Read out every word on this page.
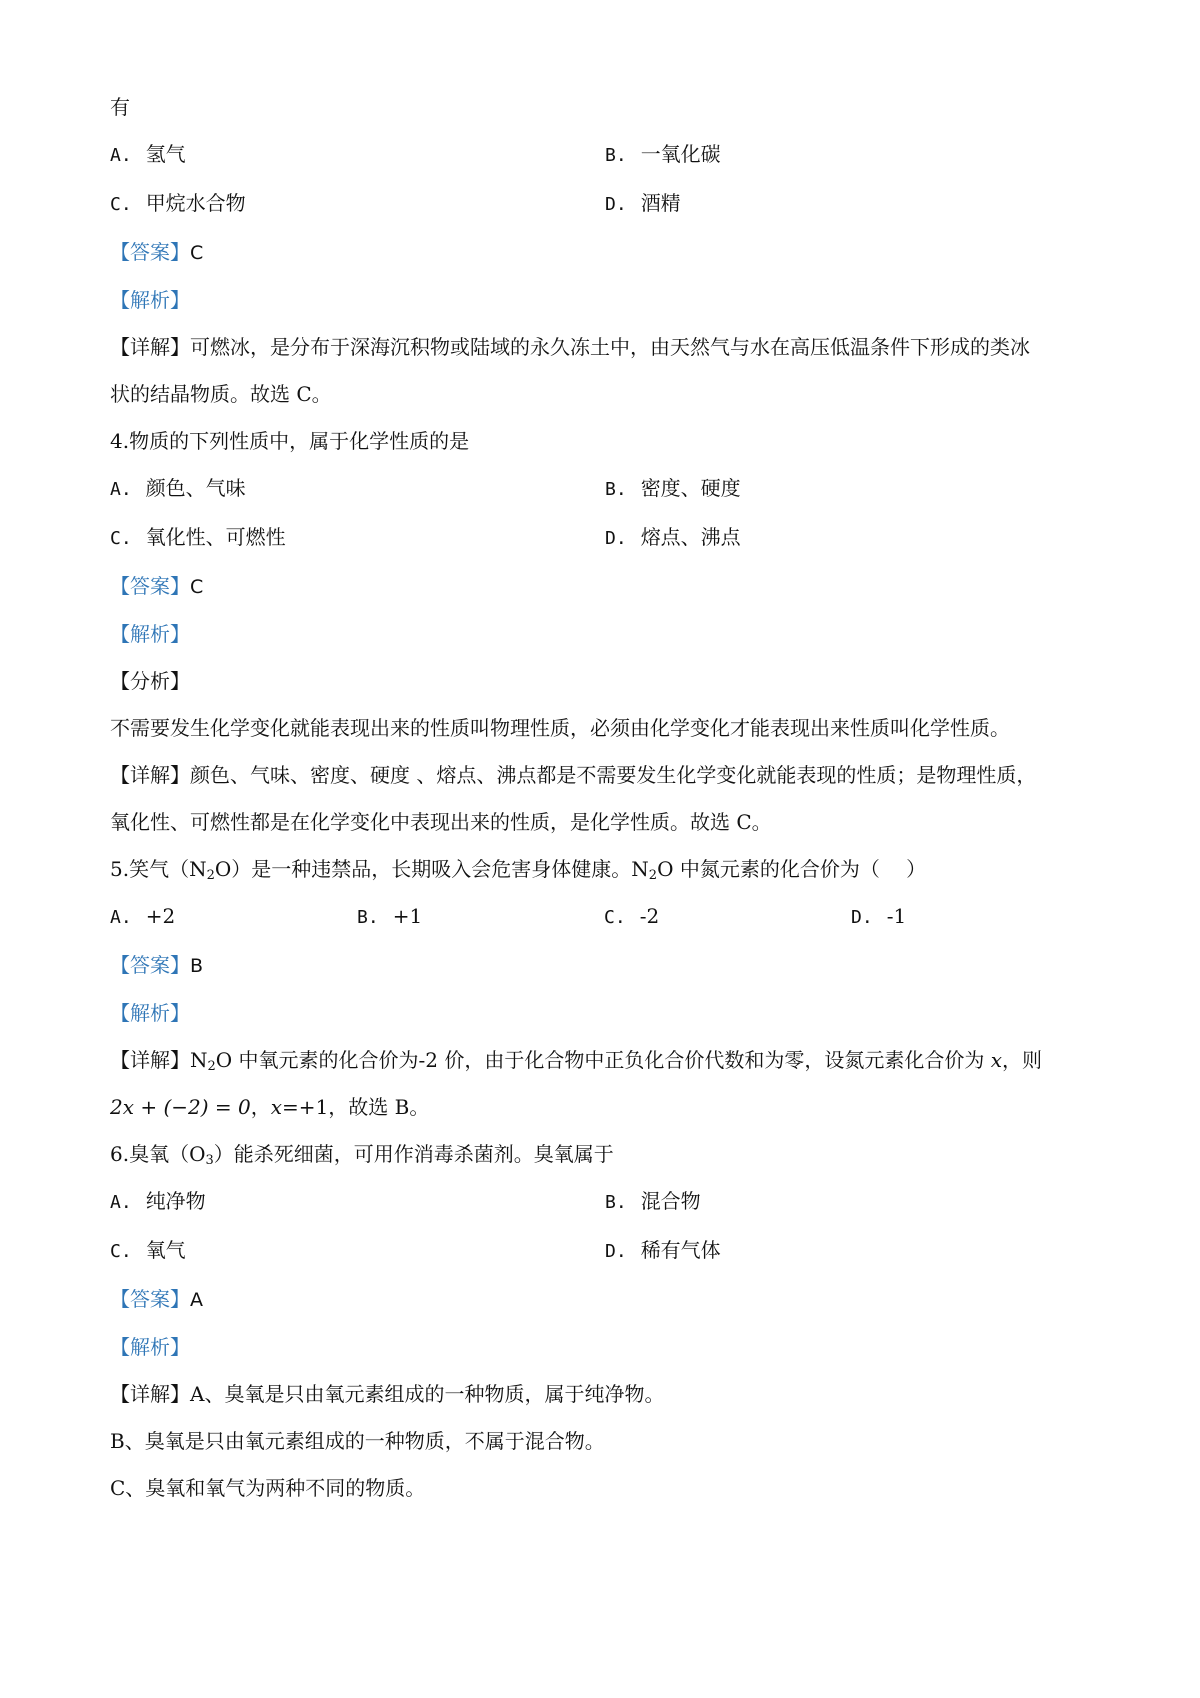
有
A. 氢气	B. 一氧化碳
C. 甲烷水合物	D. 酒精
【答案】C
【解析】
【详解】可燃冰，是分布于深海沉积物或陆域的永久冻土中，由天然气与水在高压低温条件下形成的类冰
状的结晶物质。故选 C。
4.物质的下列性质中，属于化学性质的是
A. 颜色、气味	B. 密度、硬度
C. 氧化性、可燃性	D. 熔点、沸点
【答案】C
【解析】
【分析】
不需要发生化学变化就能表现出来的性质叫物理性质，必须由化学变化才能表现出来性质叫化学性质。
【详解】颜色、气味、密度、硬度 、熔点、沸点都是不需要发生化学变化就能表现的性质；是物理性质，
氧化性、可燃性都是在化学变化中表现出来的性质，是化学性质。故选 C。
5.笑气$(N_2O)$是一种违禁品，长期吸入会危害身体健康。$N_2O$ 中氮元素的化合价为（　 ）
A. +2	B. +1	C. -2	D. -1
【答案】B
【解析】
【详解】$N_2O$ 中氧元素的化合价为-2 价，由于化合物中正负化合价代数和为零，设氮元素化合价为 x，则
2x + (−2) = 0，x=+1，故选 B。
6.臭氧$(O_3)$能杀死细菌，可用作消毒杀菌剂。臭氧属于
A. 纯净物	B. 混合物
C. 氧气	D. 稀有气体
【答案】A
【解析】
【详解】A、臭氧是只由氧元素组成的一种物质，属于纯净物。
B、臭氧是只由氧元素组成的一种物质，不属于混合物。
C、臭氧和氧气为两种不同的物质。
